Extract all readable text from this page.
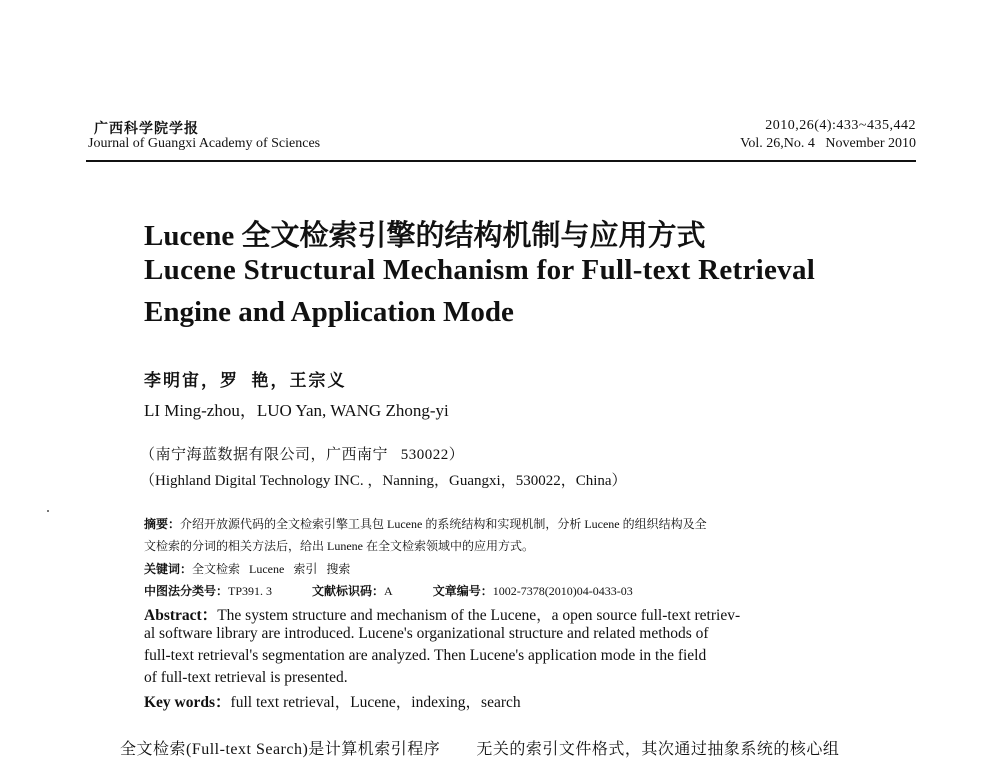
广西科学院学报
Journal of Guangxi Academy of Sciences
2010,26(4):433~435,442
Vol. 26,No. 4   November 2010
Lucene 全文检索引擎的结构机制与应用方式
Lucene Structural Mechanism for Full-text Retrieval
Engine and Application Mode
李明宙，罗  艳，王宗义
LI Ming-zhou，LUO Yan, WANG Zhong-yi
（南宁海蓝数据有限公司，广西南宁   530022）
（Highland Digital Technology INC. ，Nanning，Guangxi，530022，China）
摘要：介绍开放源代码的全文检索引擎工具包 Lucene 的系统结构和实现机制，分析 Lucene 的组织结构及全
文检索的分词的相关方法后，给出 Lunene 在全文检索领域中的应用方式。
关键词：全文检索   Lucene   索引   搜索
中图法分类号：TP391. 3	文献标识码：A	文章编号：1002-7378(2010)04-0433-03
Abstract：The system structure and mechanism of the Lucene，a open source full-text retriev-
al software library are introduced. Lucene's organizational structure and related methods of
full-text retrieval's segmentation are analyzed. Then Lucene's application mode in the field
of full-text retrieval is presented.
Key words：full text retrieval，Lucene，indexing，search
全文检索(Full-text Search)是计算机索引程序 无关的索引文件格式，其次通过抽象系统的核心组
